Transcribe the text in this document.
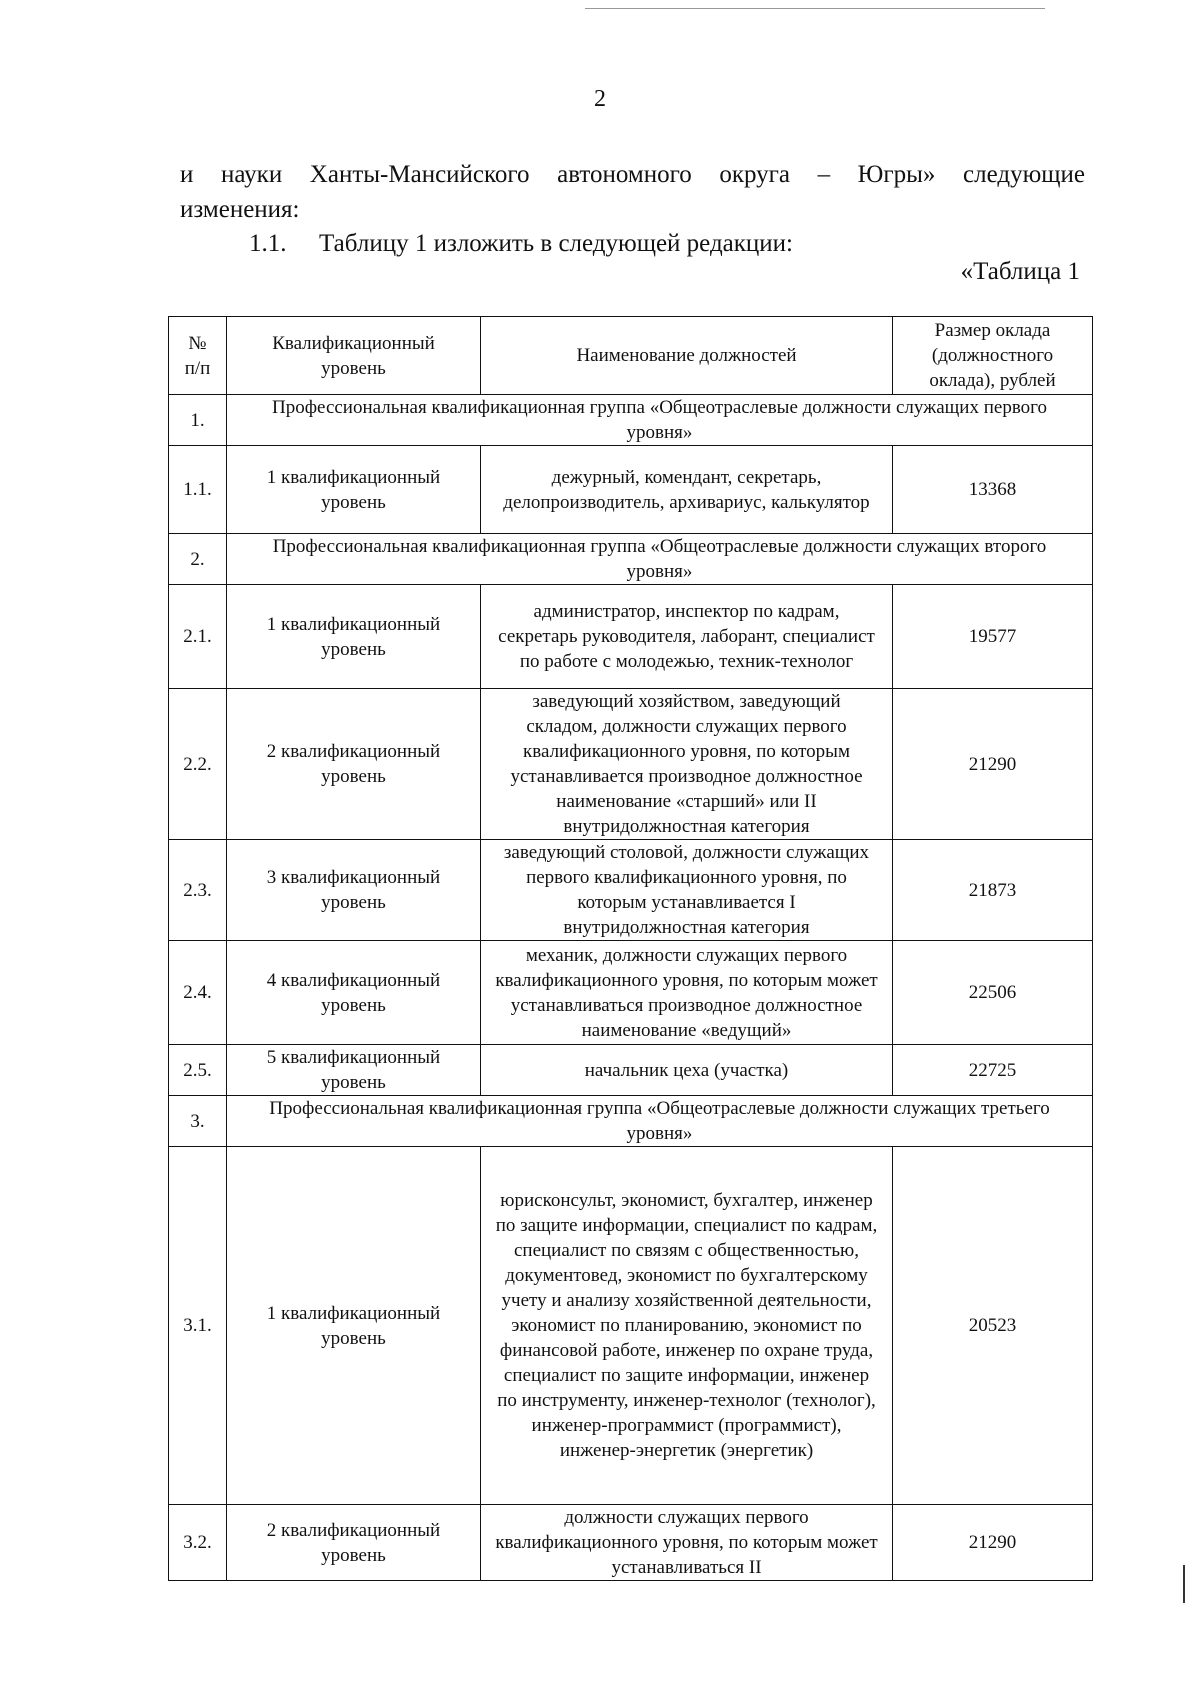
2
и науки Ханты-Мансийского автономного округа – Югры» следующие
изменения:
1.1. Таблицу 1 изложить в следующей редакции:
«Таблица 1
№ п/п	Квалификационный уровень	Наименование должностей	Размер оклада (должностного оклада), рублей
1.	Профессиональная квалификационная группа «Общеотраслевые должности служащих первого уровня»		
1.1.	1 квалификационный уровень	дежурный, комендант, секретарь, делопроизводитель, архивариус, калькулятор	13368
2.	Профессиональная квалификационная группа «Общеотраслевые должности служащих второго уровня»		
2.1.	1 квалификационный уровень	администратор, инспектор по кадрам, секретарь руководителя, лаборант, специалист по работе с молодежью, техник-технолог	19577
2.2.	2 квалификационный уровень	заведующий хозяйством, заведующий складом, должности служащих первого квалификационного уровня, по которым устанавливается производное должностное наименование «старший» или II внутридолжностная категория	21290
2.3.	3 квалификационный уровень	заведующий столовой, должности служащих первого квалификационного уровня, по которым устанавливается I внутридолжностная категория	21873
2.4.	4 квалификационный уровень	механик, должности служащих первого квалификационного уровня, по которым может устанавливаться производное должностное наименование «ведущий»	22506
2.5.	5 квалификационный уровень	начальник цеха (участка)	22725
3.	Профессиональная квалификационная группа «Общеотраслевые должности служащих третьего уровня»		
3.1.	1 квалификационный уровень	юрисконсульт, экономист, бухгалтер, инженер по защите информации, специалист по кадрам, специалист по связям с общественностью, документовед, экономист по бухгалтерскому учету и анализу хозяйственной деятельности, экономист по планированию, экономист по финансовой работе, инженер по охране труда, специалист по защите информации, инженер по инструменту, инженер-технолог (технолог), инженер-программист (программист), инженер-энергетик (энергетик)	20523
3.2.	2 квалификационный уровень	должности служащих первого квалификационного уровня, по которым может устанавливаться II	21290
